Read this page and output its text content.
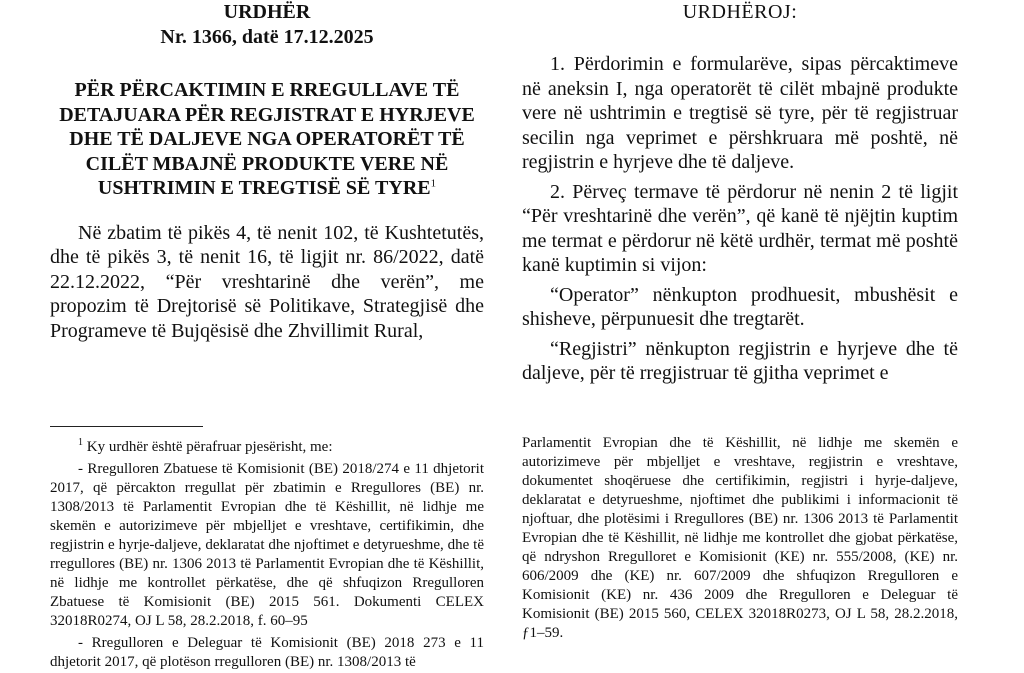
URDHËR

Nr. 1366, datë 17.12.2025

PËR PËRCAKTIMIN E RREGULLAVE TË DETAJUARA PËR REGJISTRAT E HYRJEVE DHE TË DALJEVE NGA OPERATORËT TË CILËT MBAJNË PRODUKTE VERE NË USHTRIMIN E TREGTISË SË TYRE$^1$

Në zbatim të pikës 4, të nenit 102, të Kushtetutës, dhe të pikës 3, të nenit 16, të ligjit nr. 86/2022, datë 22.12.2022, “Për vreshtarinë dhe verën”, me propozim të Drejtorisë së Politikave, Strategjisë dhe Programeve të Bujqësisë dhe Zhvillimit Rural,

URDHËROJ:

1. Përdorimin e formularëve, sipas përcaktimeve në aneksin I, nga operatorët të cilët mbajnë produkte vere në ushtrimin e tregtisë së tyre, për të regjistruar secilin nga veprimet e përshkruara më poshtë, në regjistrin e hyrjeve dhe të daljeve.

2. Përveç termave të përdorur në nenin 2 të ligjit “Për vreshtarinë dhe verën”, që kanë të njëjtin kuptim me termat e përdorur në këtë urdhër, termat më poshtë kanë kuptimin si vijon:

“Operator” nënkupton prodhuesit, mbushësit e shisheve, përpunuesit dhe tregtarët.

“Regjistri” nënkupton regjistrin e hyrjeve dhe të daljeve, për të rregjistruar të gjitha veprimet e

$^1$ Ky urdhër është përafruar pjesërisht, me:

- Rregulloren Zbatuese të Komisionit (BE) 2018/274 e 11 dhjetorit 2017, që përcakton rregullat për zbatimin e Rregullores (BE) nr. 1308/2013 të Parlamentit Evropian dhe të Këshillit, në lidhje me skemën e autorizimeve për mbjelljet e vreshtave, certifikimin, dhe regjistrin e hyrje-daljeve, deklaratat dhe njoftimet e detyrueshme, dhe të rregullores (BE) nr. 1306 2013 të Parlamentit Evropian dhe të Këshillit, në lidhje me kontrollet përkatëse, dhe që shfuqizon Rregulloren Zbatuese të Komisionit (BE) 2015 561. Dokumenti CELEX 32018R0274, OJ L 58, 28.2.2018, f. 60–95

- Rregulloren e Deleguar të Komisionit (BE) 2018 273 e 11 dhjetorit 2017, që plotëson rregulloren (BE) nr. 1308/2013 të

Parlamentit Evropian dhe të Këshillit, në lidhje me skemën e autorizimeve për mbjelljet e vreshtave, regjistrin e vreshtave, dokumentet shoqëruese dhe certifikimin, regjistri i hyrje-daljeve, deklaratat e detyrueshme, njoftimet dhe publikimi i informacionit të njoftuar, dhe plotësimi i Rregullores (BE) nr. 1306 2013 të Parlamentit Evropian dhe të Këshillit, në lidhje me kontrollet dhe gjobat përkatëse, që ndryshon Rregulloret e Komisionit (KE) nr. 555/2008, (KE) nr. 606/2009 dhe (KE) nr. 607/2009 dhe shfuqizon Rregulloren e Komisionit (KE) nr. 436 2009 dhe Rregulloren e Deleguar të Komisionit (BE) 2015 560, CELEX 32018R0273, OJ L 58, 28.2.2018, ƒ1–59.
